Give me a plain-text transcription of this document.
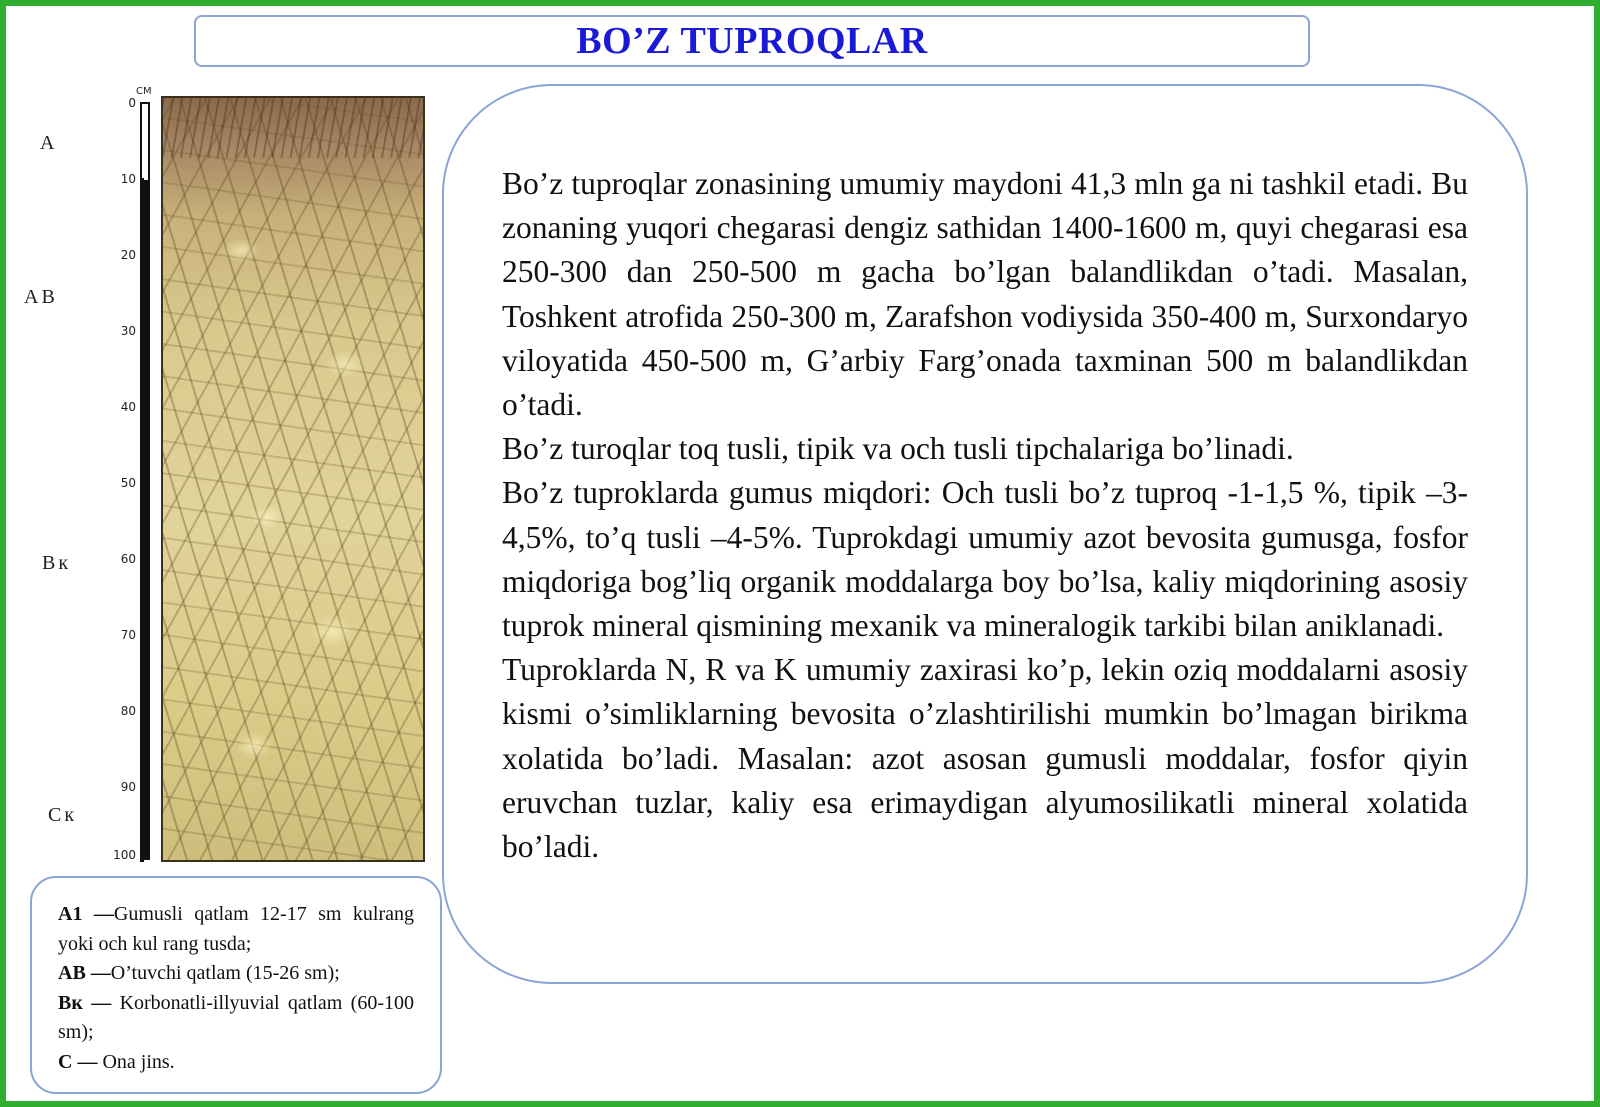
BO’Z TUPROQLAR
CM
0
10
20
30
40
50
60
70
80
90
100
A
AB
Bк
Cк

A1 —Gumusli qatlam 12-17 sm kulrang yoki och kul rang tusda;

AB —O’tuvchi qatlam (15-26 sm);

Bк — Korbonatli-illyuvial qatlam (60-100 sm);

C — Ona jins.

Bo’z tuproqlar zonasining umumiy maydoni 41,3 mln ga ni tashkil etadi. Bu zonaning yuqori chegarasi dengiz sathidan 1400-1600 m, quyi chegarasi esa 250-300 dan 250-500 m gacha bo’lgan balandlikdan o’tadi. Masalan, Toshkent atrofida 250-300 m, Zarafshon vodiysida 350-400 m, Surxondaryo viloyatida 450-500 m, G’arbiy Farg’onada taxminan 500 m balandlikdan o’tadi.

Bo’z turoqlar toq tusli, tipik va och tusli tipchalariga bo’linadi.

Bo’z tuproklarda gumus miqdori: Och tusli bo’z tuproq -1-1,5 %, tipik –3-4,5%, to’q tusli –4-5%. Tuprokdagi umumiy azot bevosita gumusga, fosfor miqdoriga bog’liq organik moddalarga boy bo’lsa, kaliy miqdorining asosiy tuprok mineral qismining mexanik va mineralogik tarkibi bilan aniklanadi.

Tuproklarda N, R va K umumiy zaxirasi ko’p, lekin oziq moddalarni asosiy kismi o’simliklarning bevosita o’zlashtirilishi mumkin bo’lmagan birikma xolatida bo’ladi. Masalan: azot asosan gumusli moddalar, fosfor qiyin eruvchan tuzlar, kaliy esa erimaydigan alyumosilikatli mineral xolatida bo’ladi.
